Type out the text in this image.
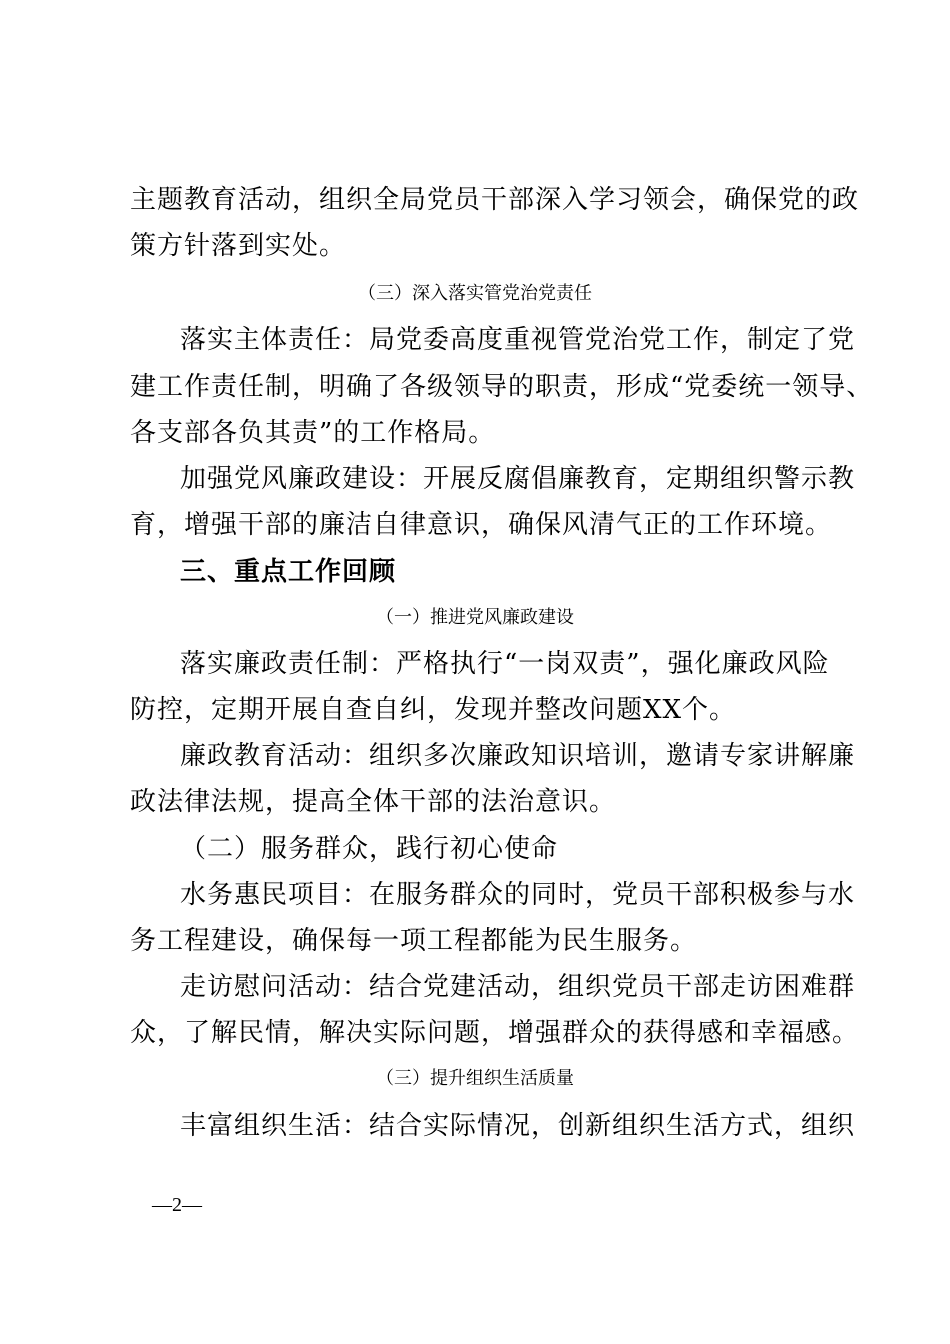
主题教育活动，组织全局党员干部深入学习领会，确保党的政
策方针落到实处。
（三）深入落实管党治党责任
落实主体责任：局党委高度重视管党治党工作，制定了党
建工作责任制，明确了各级领导的职责，形成“党委统一领导、
各支部各负其责”的工作格局。
加强党风廉政建设：开展反腐倡廉教育，定期组织警示教
育，增强干部的廉洁自律意识，确保风清气正的工作环境。
三、重点工作回顾
（一）推进党风廉政建设
落实廉政责任制：严格执行“一岗双责”，强化廉政风险
防控，定期开展自查自纠，发现并整改问题XX个。
廉政教育活动：组织多次廉政知识培训，邀请专家讲解廉
政法律法规，提高全体干部的法治意识。
（二）服务群众，践行初心使命
水务惠民项目：在服务群众的同时，党员干部积极参与水
务工程建设，确保每一项工程都能为民生服务。
走访慰问活动：结合党建活动，组织党员干部走访困难群
众，了解民情，解决实际问题，增强群众的获得感和幸福感。
（三）提升组织生活质量
丰富组织生活：结合实际情况，创新组织生活方式，组织
—2—
